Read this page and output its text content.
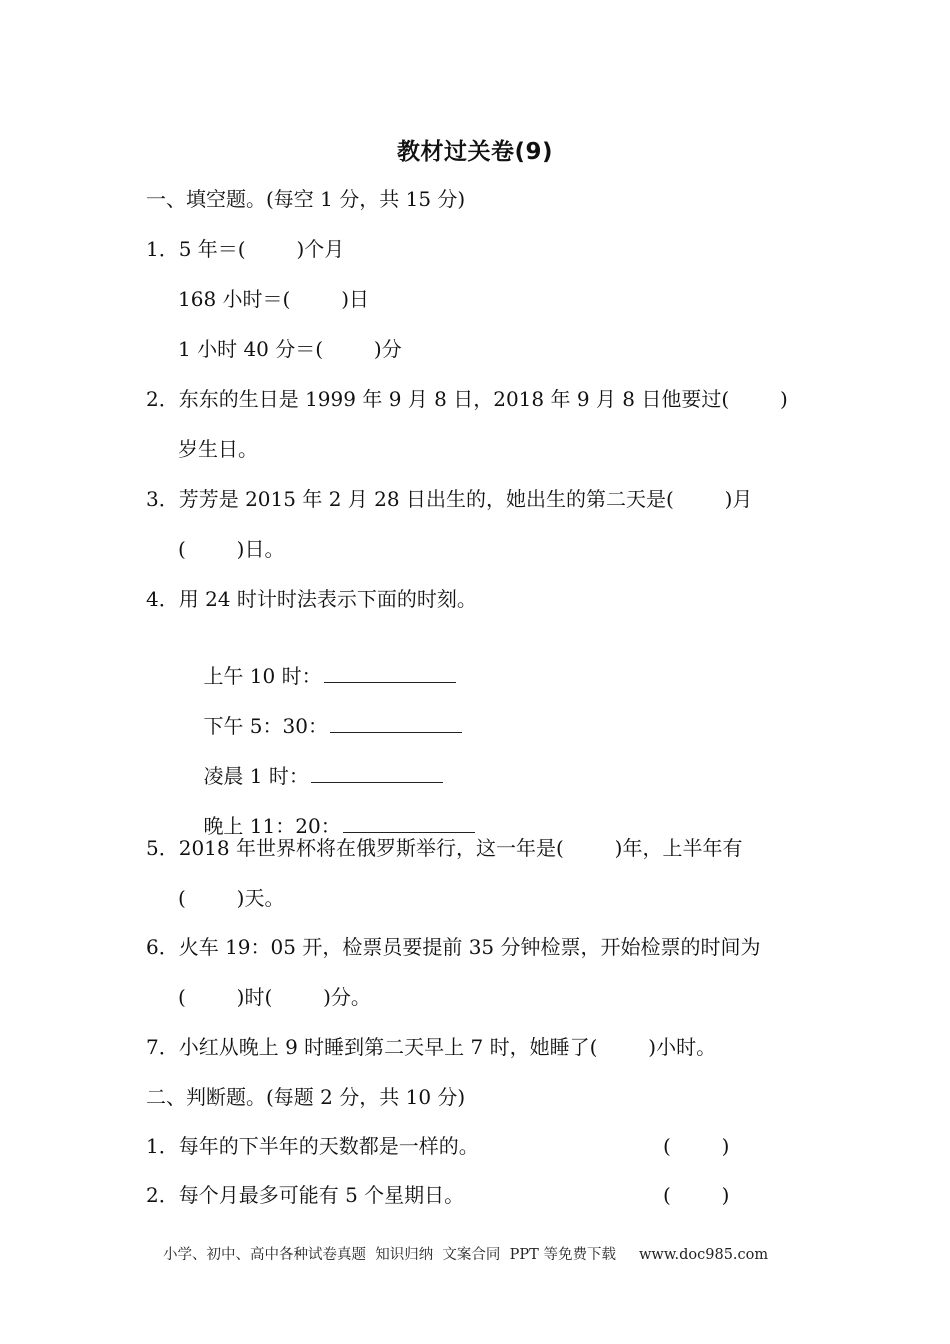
教材过关卷(9)
一、填空题。(每空 1 分，共 15 分)
1．5 年＝(        )个月
168 小时＝(        )日
1 小时 40 分＝(        )分
2．东东的生日是 1999 年 9 月 8 日，2018 年 9 月 8 日他要过(        )
岁生日。
3．芳芳是 2015 年 2 月 28 日出生的，她出生的第二天是(        )月
(        )日。
4．用 24 时计时法表示下面的时刻。

上午 10 时：

下午 5：30：

凌晨 1 时：

晚上 11：20：

5．2018 年世界杯将在俄罗斯举行，这一年是(        )年，上半年有
(        )天。
6．火车 19：05 开，检票员要提前 35 分钟检票，开始检票的时间为
(        )时(        )分。
7．小红从晚上 9 时睡到第二天早上 7 时，她睡了(        )小时。
二、判断题。(每题 2 分，共 10 分)
1．每年的下半年的天数都是一样的。	(        )
2．每个月最多可能有 5 个星期日。	(        )
小学、初中、高中各种试卷真题  知识归纳  文案合同  PPT 等免费下载     www.doc985.com
